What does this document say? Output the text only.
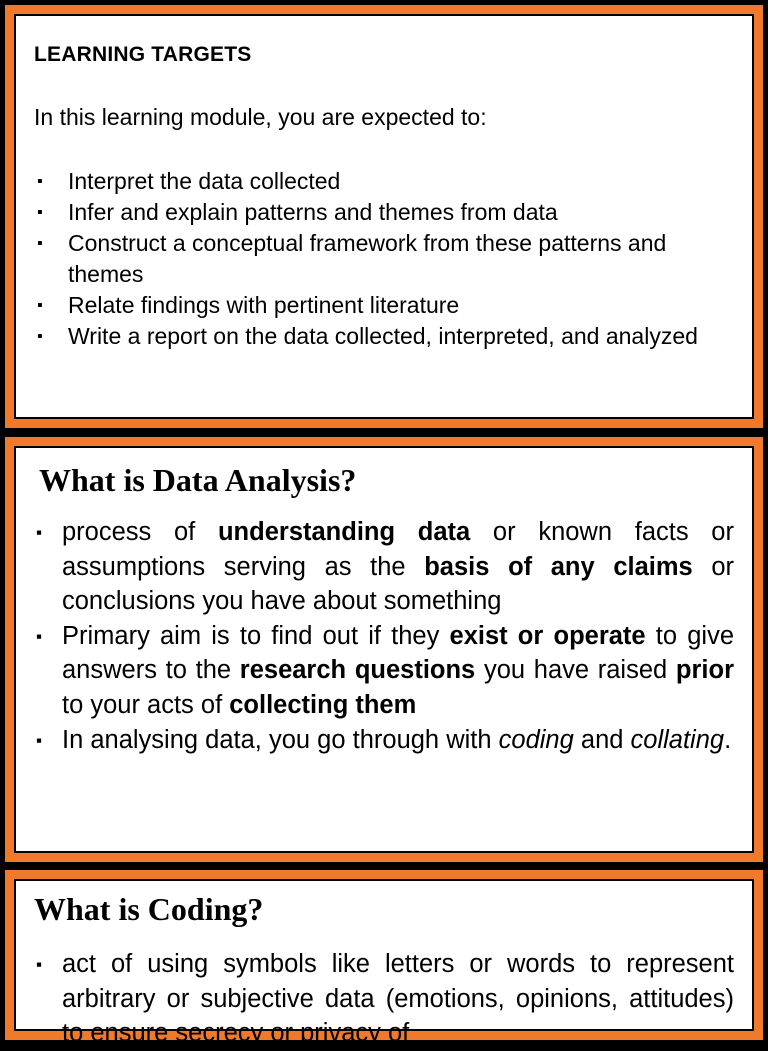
LEARNING TARGETS
In this learning module, you are expected to:
▪ Interpret the data collected
▪ Infer and explain patterns and themes from data
▪ Construct a conceptual framework from these patterns and themes
▪ Relate findings with pertinent literature
▪ Write a report on the data collected, interpreted, and analyzed
What is Data Analysis?
▪ process of understanding data or known facts or assumptions serving as the basis of any claims or conclusions you have about something
▪ Primary aim is to find out if they exist or operate to give answers to the research questions you have raised prior to your acts of collecting them
▪ In analysing data, you go through with coding and collating.
What is Coding?
▪ act of using symbols like letters or words to represent arbitrary or subjective data (emotions, opinions, attitudes) to ensure secrecy or privacy of
